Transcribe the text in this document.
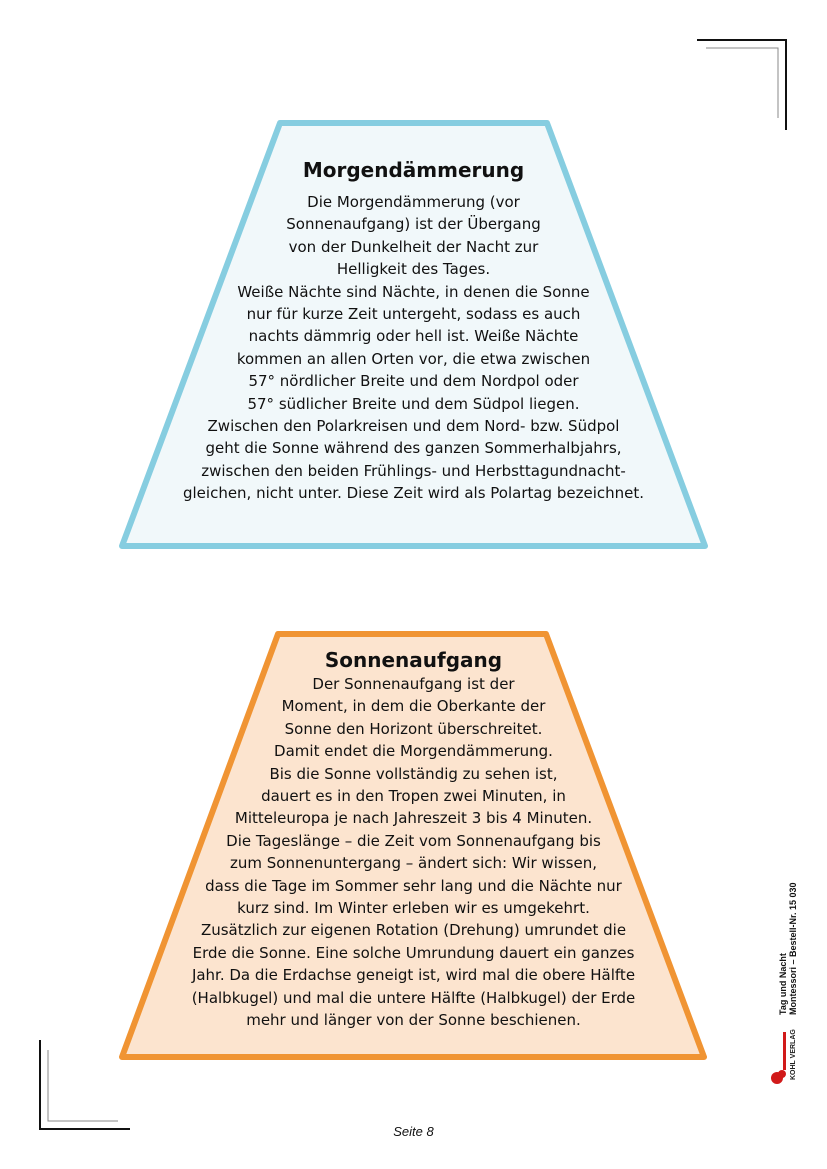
Morgendämmerung
Die Morgendämmerung (vor
Sonnenaufgang) ist der Übergang
von der Dunkelheit der Nacht zur
Helligkeit des Tages.
Weiße Nächte sind Nächte, in denen die Sonne
nur für kurze Zeit untergeht, sodass es auch
nachts dämmrig oder hell ist. Weiße Nächte
kommen an allen Orten vor, die etwa zwischen
57° nördlicher Breite und dem Nordpol oder
57° südlicher Breite und dem Südpol liegen.
Zwischen den Polarkreisen und dem Nord- bzw. Südpol
geht die Sonne während des ganzen Sommerhalbjahrs,
zwischen den beiden Frühlings- und Herbsttagundnacht-
gleichen, nicht unter. Diese Zeit wird als Polartag bezeichnet.
Sonnenaufgang
Der Sonnenaufgang ist der
Moment, in dem die Oberkante der
Sonne den Horizont überschreitet.
Damit endet die Morgendämmerung.
Bis die Sonne vollständig zu sehen ist,
dauert es in den Tropen zwei Minuten, in
Mitteleuropa je nach Jahreszeit 3 bis 4 Minuten.
Die Tageslänge – die Zeit vom Sonnenaufgang bis
zum Sonnenuntergang – ändert sich: Wir wissen,
dass die Tage im Sommer sehr lang und die Nächte nur
kurz sind. Im Winter erleben wir es umgekehrt.
Zusätzlich zur eigenen Rotation (Drehung) umrundet die
Erde die Sonne. Eine solche Umrundung dauert ein ganzes
Jahr. Da die Erdachse geneigt ist, wird mal die obere Hälfte
(Halbkugel) und mal die untere Hälfte (Halbkugel) der Erde
mehr und länger von der Sonne beschienen.
Tag und Nacht Montessori – Bestell-Nr. 15 030
KOHL VERLAG
Seite 8
